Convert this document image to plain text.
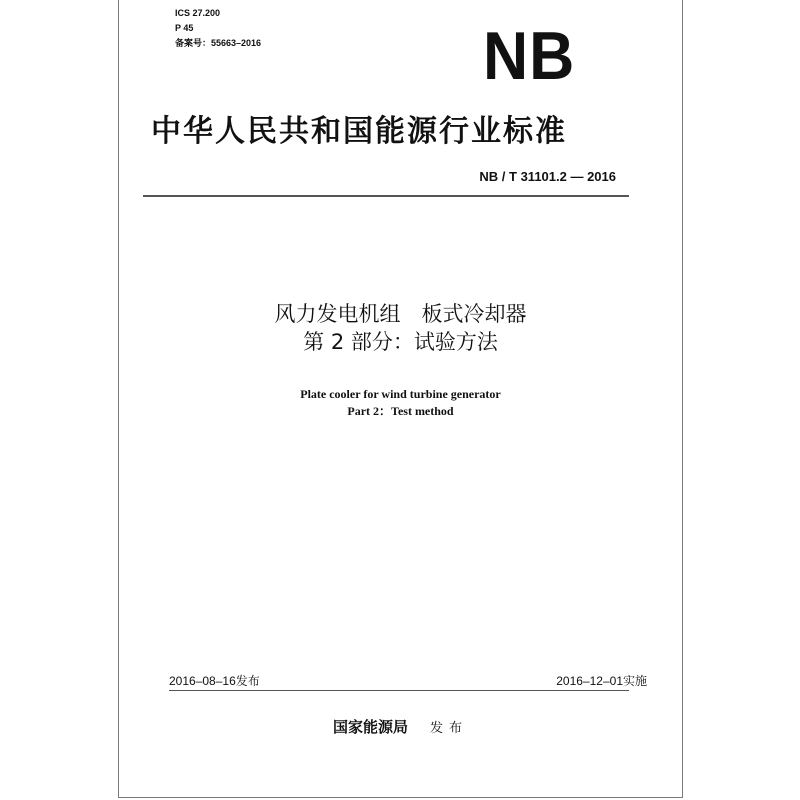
ICS 27.200
P 45
备案号：55663–2016	NB
中华人民共和国能源行业标准
NB / T 31101.2 — 2016
风力发电机组　板式冷却器
第 2 部分：试验方法
Plate cooler for wind turbine generator
Part 2：Test method
2016–08–16发布	2016–12–01实施
国家能源局 发布
